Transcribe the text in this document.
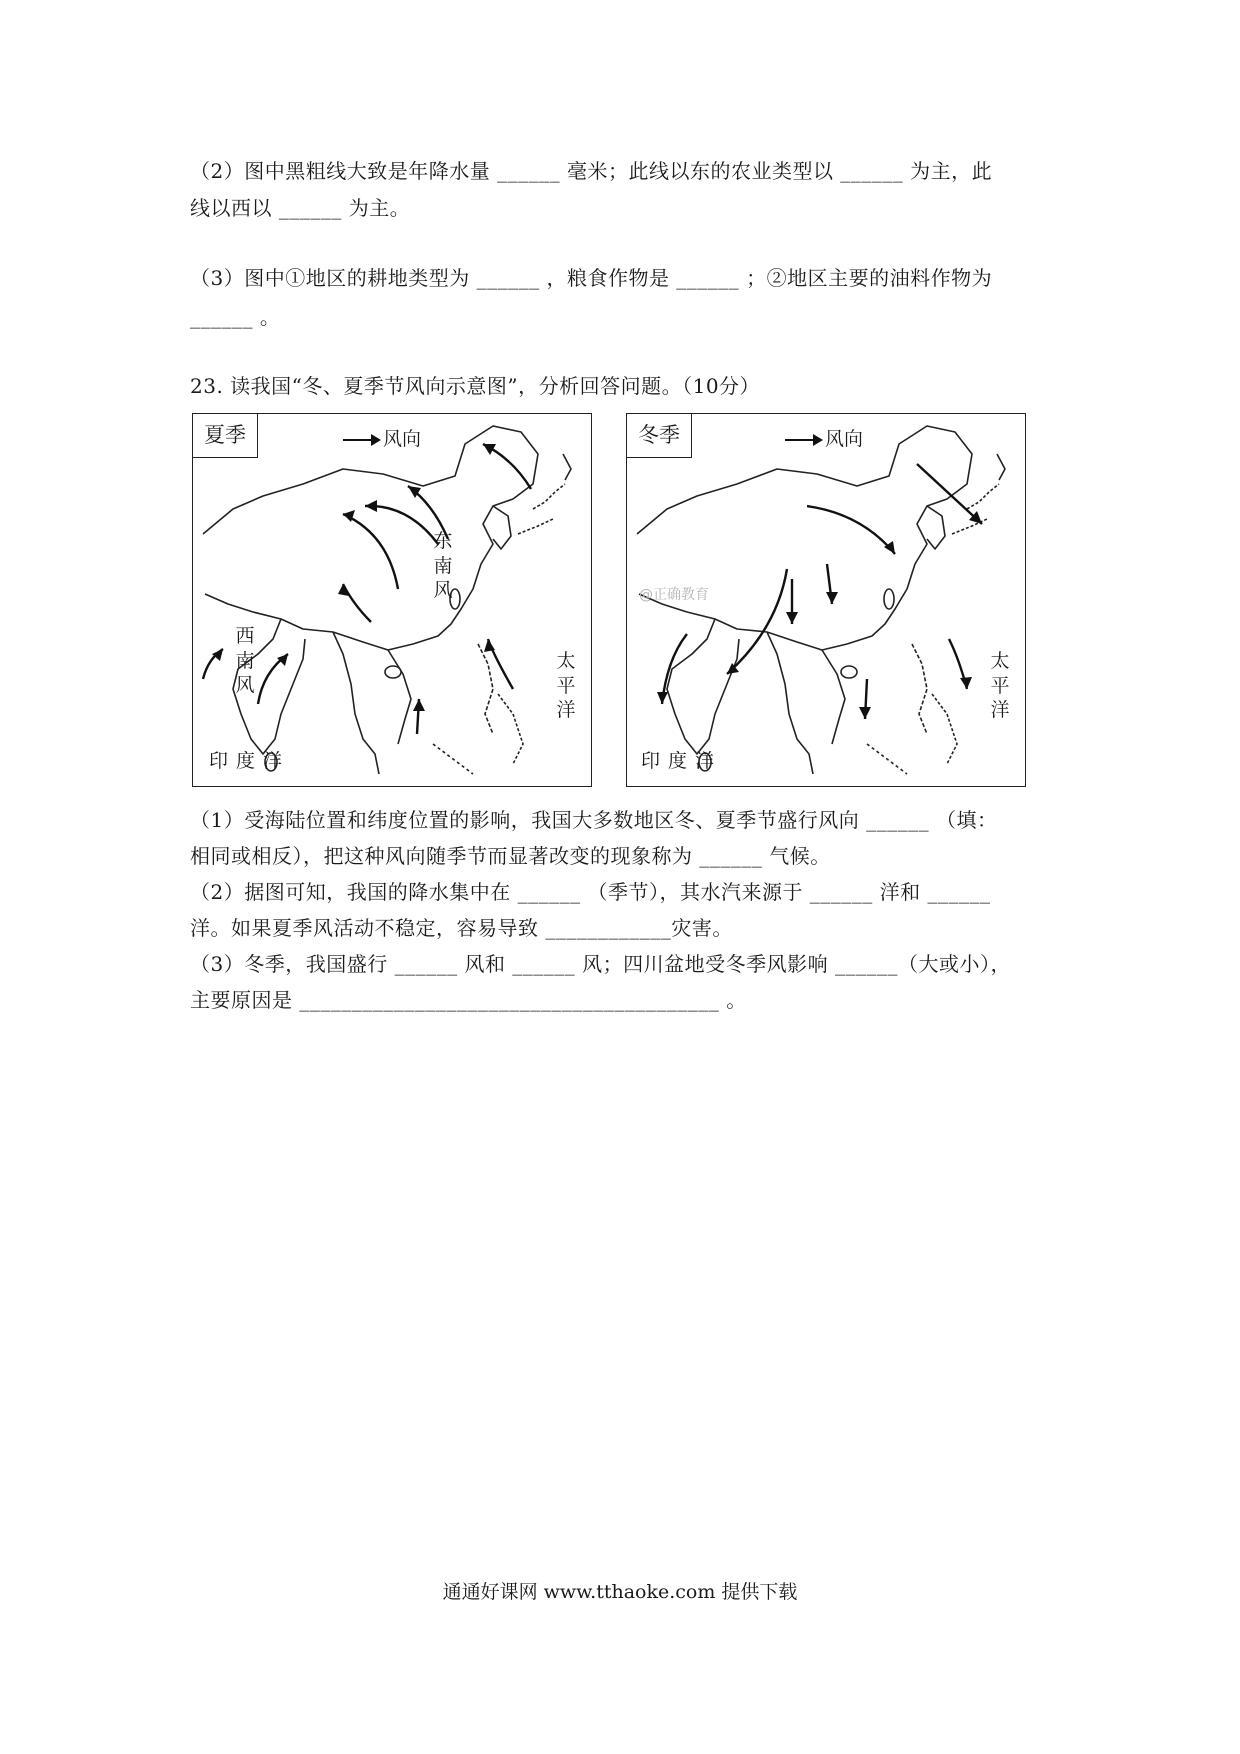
（2）图中黑粗线大致是年降水量 ______ 毫米；此线以东的农业类型以 ______ 为主，此
线以西以 ______ 为主。
（3）图中①地区的耕地类型为 ______ ，粮食作物是 ______ ；②地区主要的油料作物为
______ 。
23. 读我国“冬、夏季节风向示意图”，分析回答问题。（10分）
夏季	风向
东南风
西南风
太平洋
印度洋
冬季	风向
@正确教育
太平洋
印度洋
（1）受海陆位置和纬度位置的影响，我国大多数地区冬、夏季节盛行风向 ______ （填：
相同或相反），把这种风向随季节而显著改变的现象称为 ______ 气候。
（2）据图可知，我国的降水集中在 ______ （季节），其水汽来源于 ______ 洋和 ______
洋。如果夏季风活动不稳定，容易导致 ____________灾害。
（3）冬季，我国盛行 ______ 风和 ______ 风；四川盆地受冬季风影响 ______（大或小），
主要原因是 ________________________________________ 。
通通好课网 www.tthaoke.com 提供下载
